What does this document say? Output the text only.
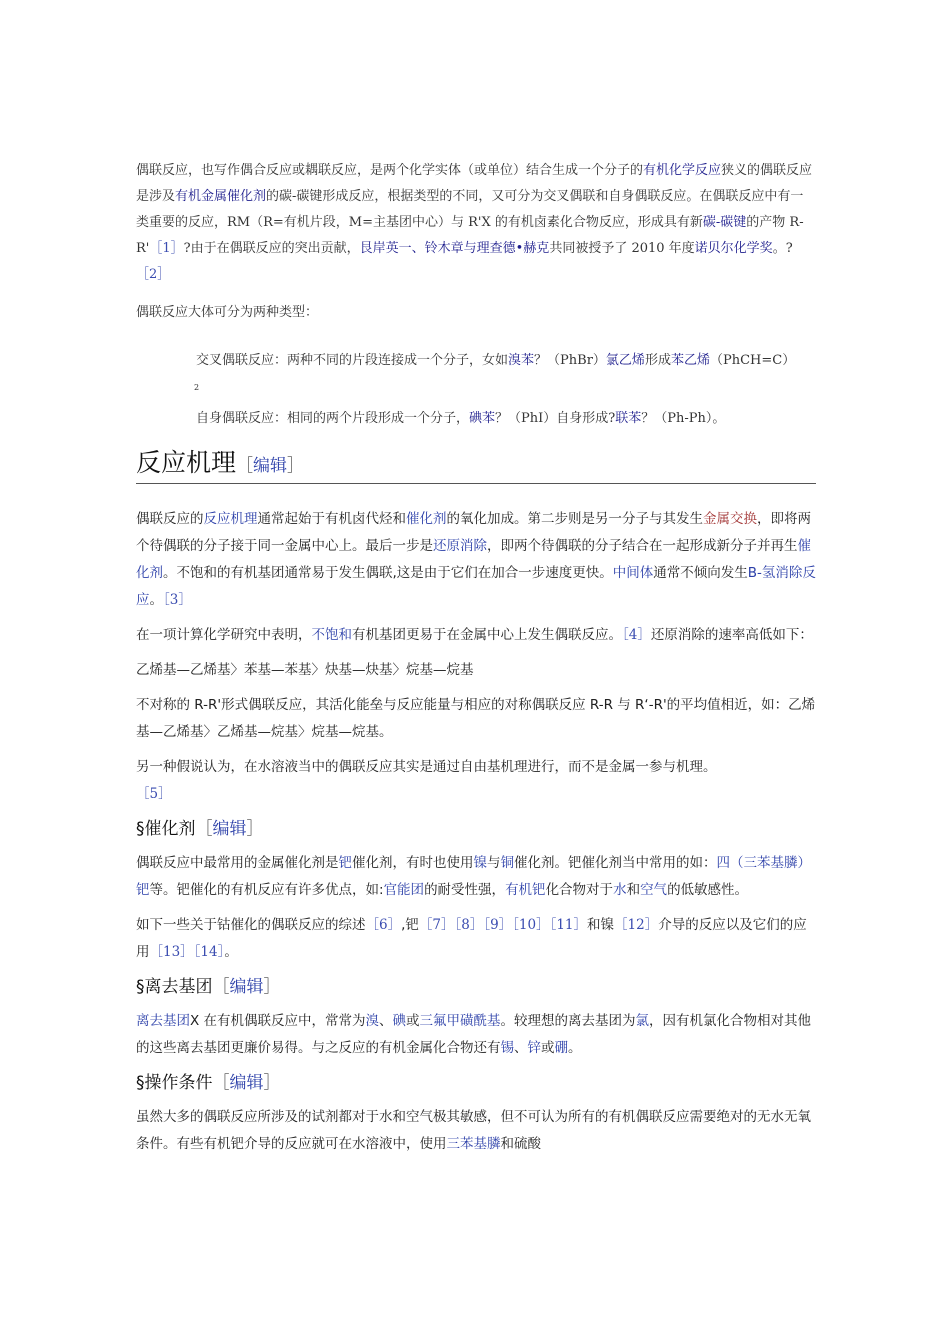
偶联反应，也写作偶合反应或耦联反应，是两个化学实体（或单位）结合生成一个分子的有机化学反应狭义的偶联反应是涉及有机金属催化剂的碳-碳键形成反应，根据类型的不同，又可分为交叉偶联和自身偶联反应。在偶联反应中有一类重要的反应，RM（R=有机片段，M=主基团中心）与 R'X 的有机卤素化合物反应，形成具有新碳-碳键的产物 R-R'［1］?由于在偶联反应的突出贡献，艮岸英一、铃木章与理查德•赫克共同被授予了 2010 年度诺贝尔化学奖。?［2］

偶联反应大体可分为两种类型：

交叉偶联反应：两种不同的片段连接成一个分子，女如溴苯？（PhBr）氯乙烯形成苯乙烯（PhCH=C）
2

自身偶联反应：相同的两个片段形成一个分子，碘苯？（PhI）自身形成?联苯？（Ph-Ph）。

反应机理［编辑］

偶联反应的反应机理通常起始于有机卤代烃和催化剂的氧化加成。第二步则是另一分子与其发生金属交换，即将两个待偶联的分子接于同一金属中心上。最后一步是还原消除，即两个待偶联的分子结合在一起形成新分子并再生催化剂。不饱和的有机基团通常易于发生偶联,这是由于它们在加合一步速度更快。中间体通常不倾向发生B-氢消除反应。［3］

在一项计算化学研究中表明，不饱和有机基团更易于在金属中心上发生偶联反应。［4］还原消除的速率高低如下：

乙烯基—乙烯基〉苯基—苯基〉炔基—炔基〉烷基—烷基

不对称的 R-R'形式偶联反应，其活化能垒与反应能量与相应的对称偶联反应 R-R 与 R‘-R'的平均值相近，如：乙烯基—乙烯基〉乙烯基—烷基〉烷基—烷基。

另一种假说认为，在水溶液当中的偶联反应其实是通过自由基机理进行，而不是金属一参与机理。
［5］

§催化剂［编辑］

偶联反应中最常用的金属催化剂是钯催化剂，有时也使用镍与铜催化剂。钯催化剂当中常用的如：四（三苯基膦）钯等。钯催化的有机反应有许多优点，如:官能团的耐受性强，有机钯化合物对于水和空气的低敏感性。

如下一些关于钴催化的偶联反应的综述［6］,钯［7］［8］［9］［10］［11］和镍［12］介导的反应以及它们的应用［13］［14］。

§离去基团［编辑］

离去基团X 在有机偶联反应中，常常为溴、碘或三氟甲磺酰基。较理想的离去基团为氯，因有机氯化合物相对其他的这些离去基团更廉价易得。与之反应的有机金属化合物还有锡、锌或硼。

§操作条件［编辑］

虽然大多的偶联反应所涉及的试剂都对于水和空气极其敏感，但不可认为所有的有机偶联反应需要绝对的无水无氧条件。有些有机钯介导的反应就可在水溶液中，使用三苯基膦和硫酸
